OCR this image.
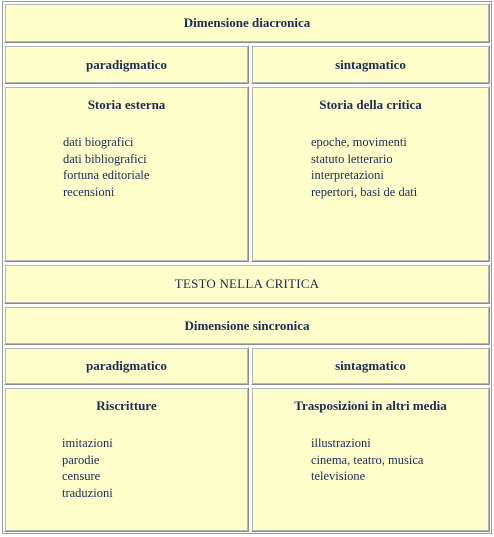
Dimensione diacronica
paradigmatico	sintagmatico
Storia esterna
dati biografici
dati bibliografici
fortuna editoriale
recensioni
Storia della critica
epoche, movimenti
statuto letterario
interpretazioni
repertori, basi de dati
TESTO NELLA CRITICA
Dimensione sincronica
paradigmatico	sintagmatico
Riscritture
imitazioni
parodie
censure
traduzioni
Trasposizioni in altri media
illustrazioni
cinema, teatro, musica
televisione
